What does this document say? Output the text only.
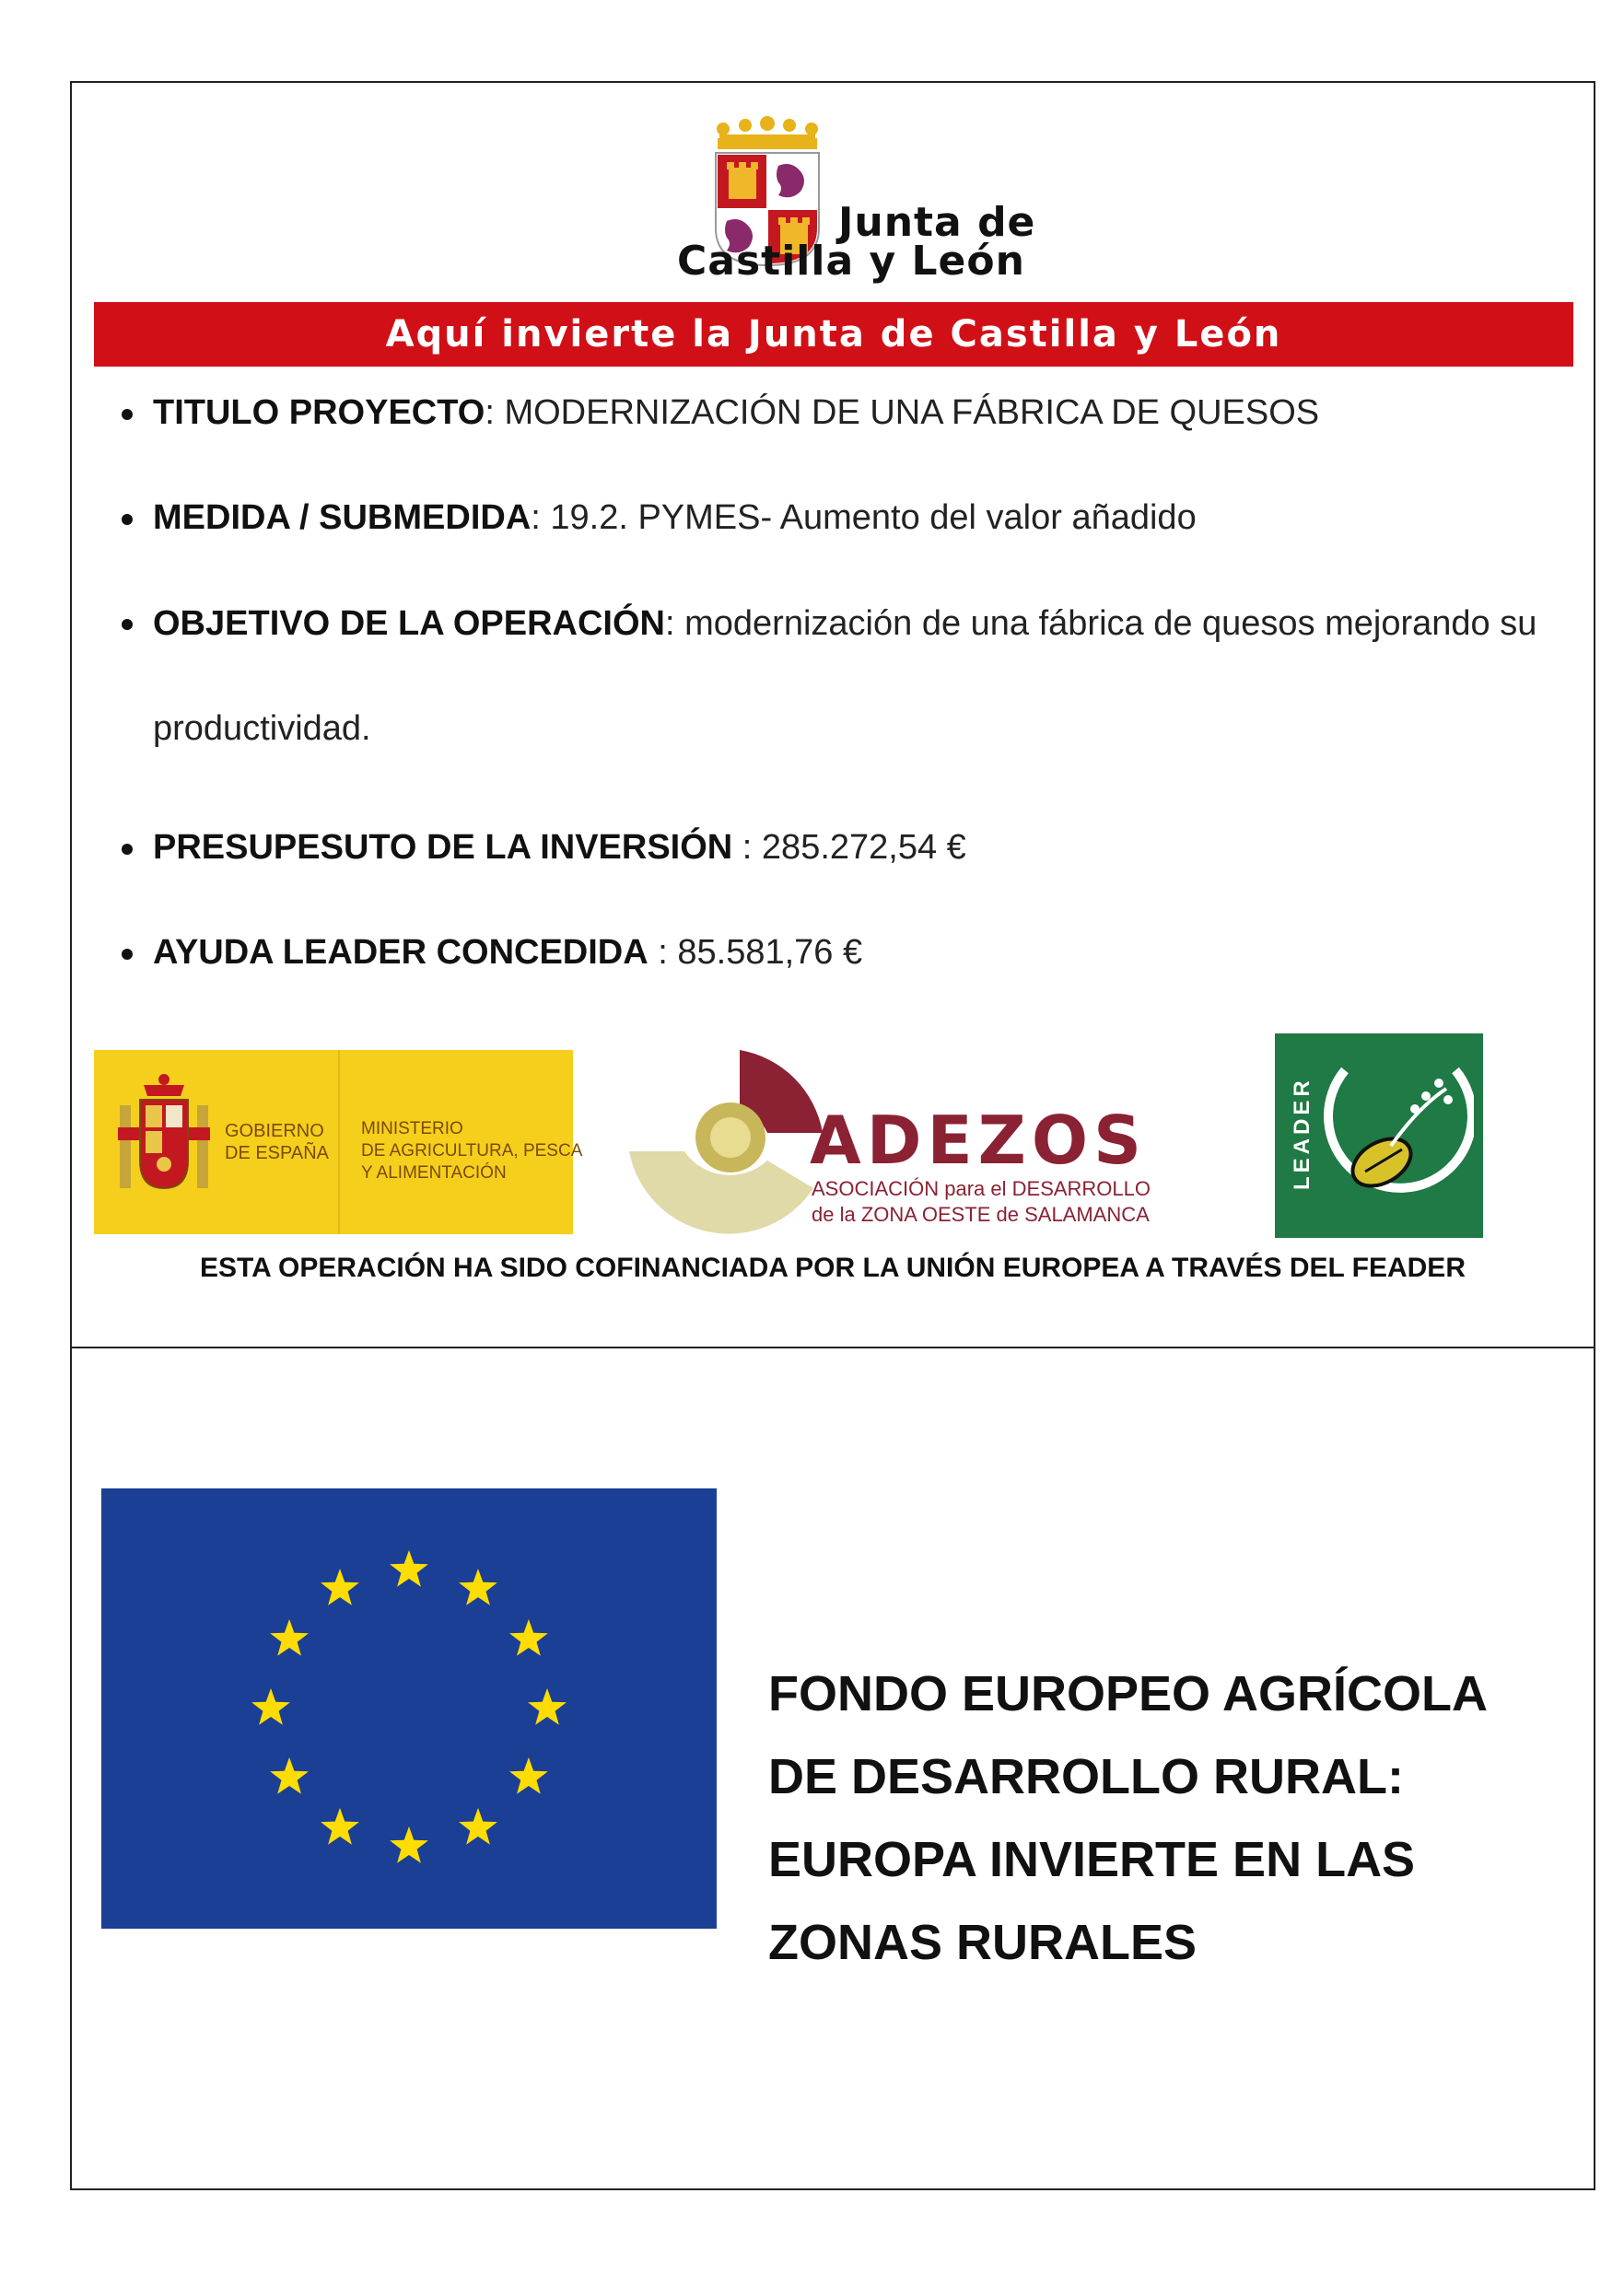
Junta de
Castilla y León
Aquí invierte la Junta de Castilla y León
TITULO PROYECTO: MODERNIZACIÓN DE UNA FÁBRICA DE QUESOS
MEDIDA / SUBMEDIDA: 19.2. PYMES- Aumento del valor añadido
OBJETIVO DE LA OPERACIÓN: modernización de una fábrica de quesos mejorando su productividad.
PRESUPESUTO DE LA INVERSIÓN : 285.272,54 €
AYUDA LEADER CONCEDIDA : 85.581,76 €
GOBIERNO
DE ESPAÑA
MINISTERIO
DE AGRICULTURA, PESCA
Y ALIMENTACIÓN	ADEZOS
ASOCIACIÓN para el DESARROLLO
de la ZONA OESTE de SALAMANCA
LEADER
ESTA OPERACIÓN HA SIDO COFINANCIADA POR LA UNIÓN EUROPEA A TRAVÉS DEL FEADER
FONDO EUROPEO AGRÍCOLA
DE DESARROLLO RURAL:
EUROPA INVIERTE EN LAS
ZONAS RURALES
